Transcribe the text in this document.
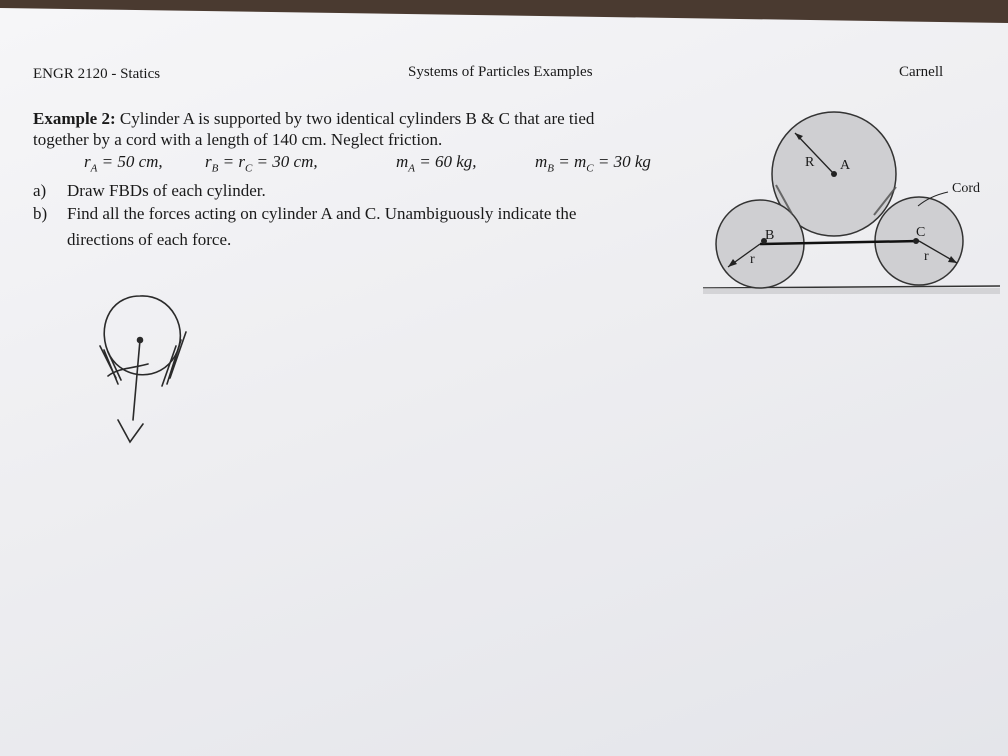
ENGR 2120 - Statics	Systems of Particles Examples	Carnell
Example 2: Cylinder A is supported by two identical cylinders B & C that are tied
together by a cord with a length of 140 cm. Neglect friction.
$r_A = 50$ cm, $r_B = r_C = 30$ cm,	$m_A = 60$ kg,	$m_B = m_C = 30$ kg
a) Draw FBDs of each cylinder.
b) Find all the forces acting on cylinder A and C. Unambiguously indicate the
directions of each force.
R A
B	C
r	r
Cord
